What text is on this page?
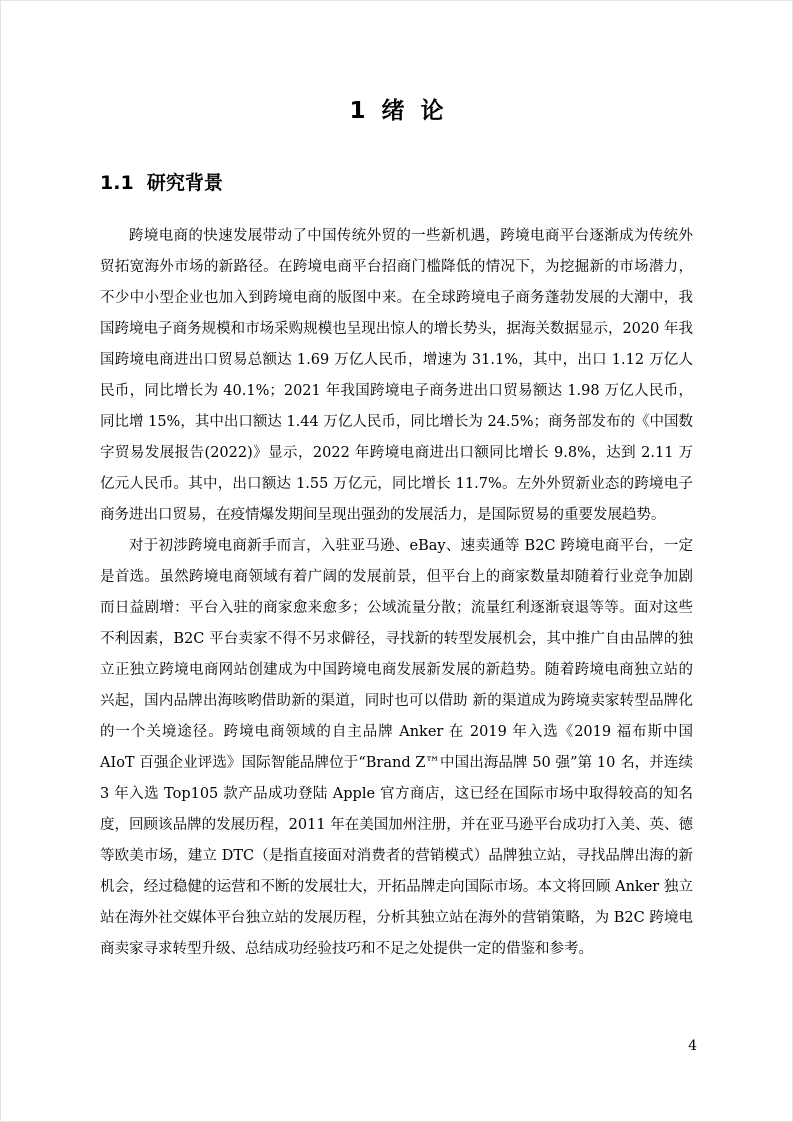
1  绪  论
1.1  研究背景

跨境电商的快速发展带动了中国传统外贸的一些新机遇，跨境电商平台逐渐成为传统外贸拓宽海外市场的新路径。在跨境电商平台招商门槛降低的情况下，为挖掘新的市场潜力，不少中小型企业也加入到跨境电商的版图中来。在全球跨境电子商务蓬勃发展的大潮中，我国跨境电子商务规模和市场采购规模也呈现出惊人的增长势头，据海关数据显示，2020 年我国跨境电商进出口贸易总额达 1.69 万亿人民币，增速为 31.1%，其中，出口 1.12 万亿人民币，同比增长为 40.1%；2021 年我国跨境电子商务进出口贸易额达 1.98 万亿人民币，同比增 15%，其中出口额达 1.44 万亿人民币，同比增长为 24.5%；商务部发布的《中国数字贸易发展报告(2022)》显示，2022 年跨境电商进出口额同比增长 9.8%，达到 2.11 万亿元人民币。其中，出口额达 1.55 万亿元，同比增长 11.7%。左外外贸新业态的跨境电子商务进出口贸易，在疫情爆发期间呈现出强劲的发展活力，是国际贸易的重要发展趋势。

对于初涉跨境电商新手而言，入驻亚马逊、eBay、速卖通等 B2C 跨境电商平台，一定是首选。虽然跨境电商领域有着广阔的发展前景，但平台上的商家数量却随着行业竞争加剧而日益剧增：平台入驻的商家愈来愈多；公域流量分散；流量红利逐渐衰退等等。面对这些不利因素，B2C 平台卖家不得不另求僻径，寻找新的转型发展机会，其中推广自由品牌的独立正独立跨境电商网站创建成为中国跨境电商发展新发展的新趋势。随着跨境电商独立站的兴起，国内品牌出海咳哟借助新的渠道，同时也可以借助 新的渠道成为跨境卖家转型品牌化的一个关境途径。跨境电商领域的自主品牌 Anker 在 2019 年入选《2019 福布斯中国 AIoT 百强企业评选》国际智能品牌位于“Brand Z™中国出海品牌 50 强”第 10 名，并连续 3 年入选 Top105 款产品成功登陆 Apple 官方商店，这已经在国际市场中取得较高的知名度，回顾该品牌的发展历程，2011 年在美国加州注册，并在亚马逊平台成功打入美、英、德等欧美市场，建立 DTC（是指直接面对消费者的营销模式）品牌独立站，寻找品牌出海的新机会，经过稳健的运营和不断的发展壮大，开拓品牌走向国际市场。本文将回顾 Anker 独立站在海外社交媒体平台独立站的发展历程，分析其独立站在海外的营销策略，为 B2C 跨境电商卖家寻求转型升级、总结成功经验技巧和不足之处提供一定的借鉴和参考。

4
